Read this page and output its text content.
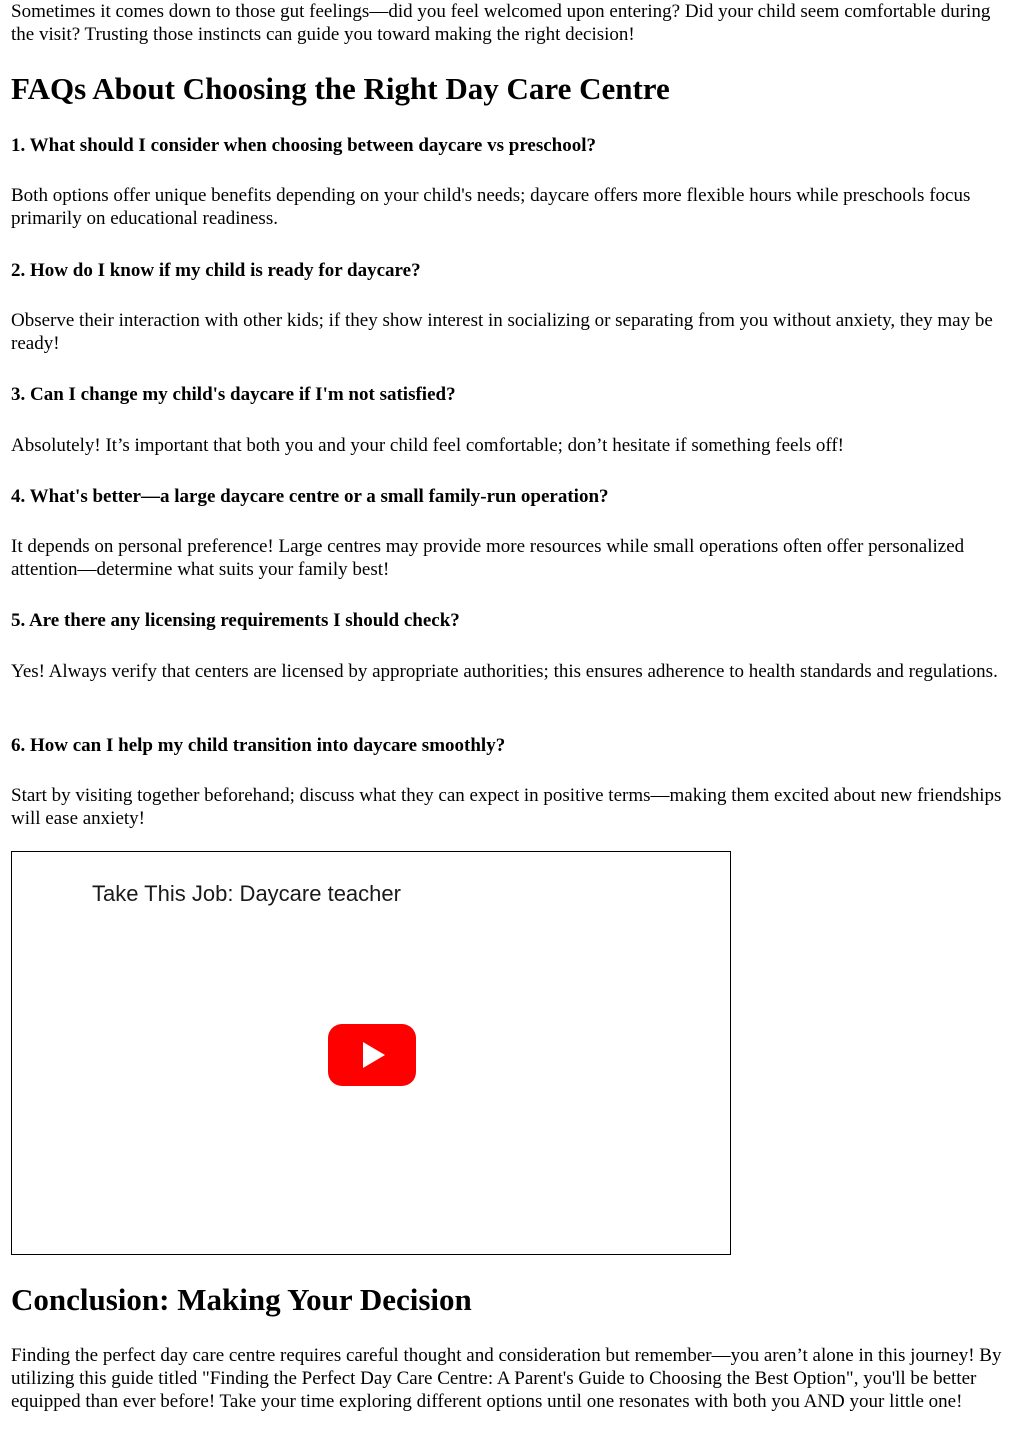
Sometimes it comes down to those gut feelings—did you feel welcomed upon entering? Did your child seem comfortable during the visit? Trusting those instincts can guide you toward making the right decision!

FAQs About Choosing the Right Day Care Centre
1. What should I consider when choosing between daycare vs preschool?

Both options offer unique benefits depending on your child's needs; daycare offers more flexible hours while preschools focus primarily on educational readiness.

2. How do I know if my child is ready for daycare?

Observe their interaction with other kids; if they show interest in socializing or separating from you without anxiety, they may be ready!

3. Can I change my child's daycare if I'm not satisfied?

Absolutely! It’s important that both you and your child feel comfortable; don’t hesitate if something feels off!

4. What's better—a large daycare centre or a small family-run operation?

It depends on personal preference! Large centres may provide more resources while small operations often offer personalized attention—determine what suits your family best!

5. Are there any licensing requirements I should check?

Yes! Always verify that centers are licensed by appropriate authorities; this ensures adherence to health standards and regulations.

6. How can I help my child transition into daycare smoothly?

Start by visiting together beforehand; discuss what they can expect in positive terms—making them excited about new friendships will ease anxiety!

Take This Job: Daycare teacher
Conclusion: Making Your Decision

Finding the perfect day care centre requires careful thought and consideration but remember—you aren’t alone in this journey! By utilizing this guide titled "Finding the Perfect Day Care Centre: A Parent's Guide to Choosing the Best Option", you'll be better equipped than ever before! Take your time exploring different options until one resonates with both you AND your little one!
